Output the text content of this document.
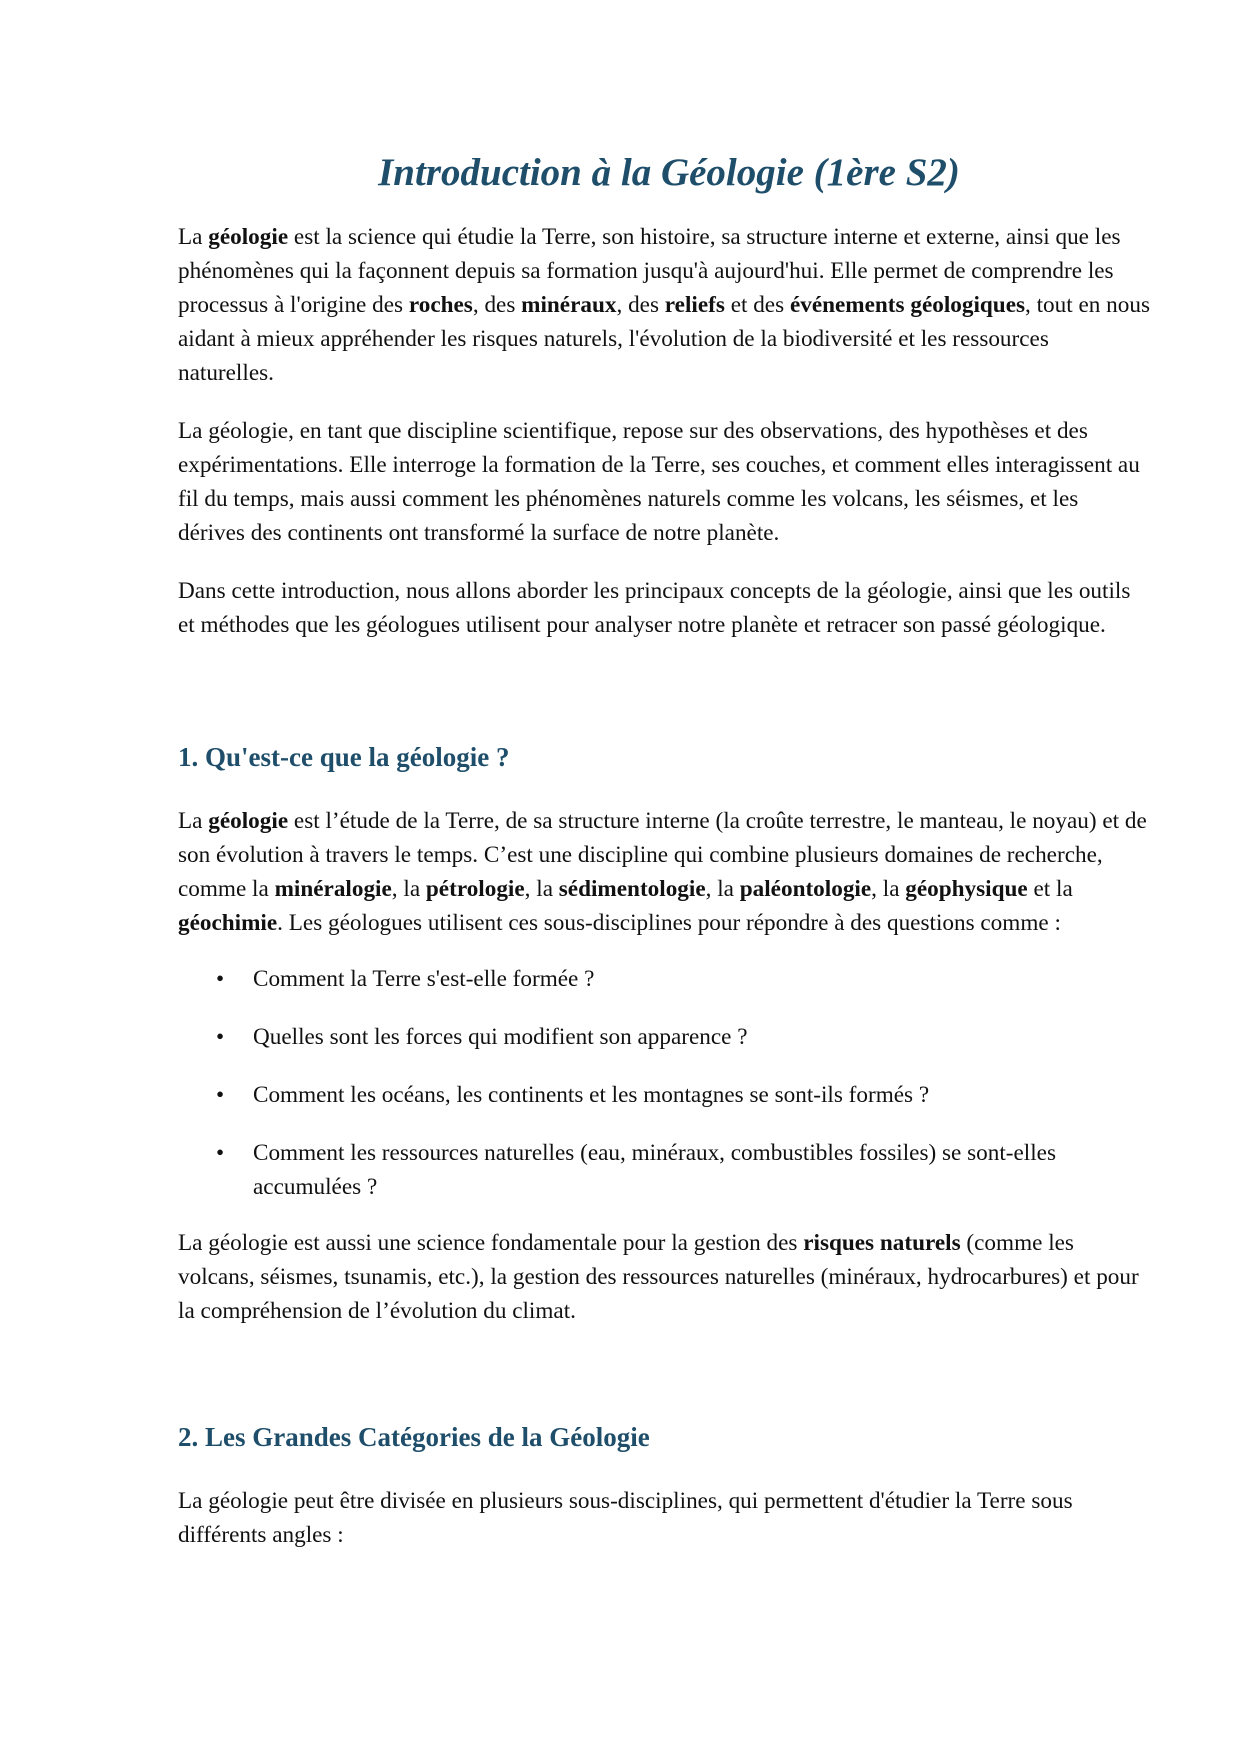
Introduction à la Géologie (1ère S2)

La géologie est la science qui étudie la Terre, son histoire, sa structure interne et externe, ainsi que les phénomènes qui la façonnent depuis sa formation jusqu'à aujourd'hui. Elle permet de comprendre les processus à l'origine des roches, des minéraux, des reliefs et des événements géologiques, tout en nous aidant à mieux appréhender les risques naturels, l'évolution de la biodiversité et les ressources naturelles.

La géologie, en tant que discipline scientifique, repose sur des observations, des hypothèses et des expérimentations. Elle interroge la formation de la Terre, ses couches, et comment elles interagissent au fil du temps, mais aussi comment les phénomènes naturels comme les volcans, les séismes, et les dérives des continents ont transformé la surface de notre planète.

Dans cette introduction, nous allons aborder les principaux concepts de la géologie, ainsi que les outils et méthodes que les géologues utilisent pour analyser notre planète et retracer son passé géologique.

1. Qu'est-ce que la géologie ?

La géologie est l’étude de la Terre, de sa structure interne (la croûte terrestre, le manteau, le noyau) et de son évolution à travers le temps. C’est une discipline qui combine plusieurs domaines de recherche, comme la minéralogie, la pétrologie, la sédimentologie, la paléontologie, la géophysique et la géochimie. Les géologues utilisent ces sous-disciplines pour répondre à des questions comme :

• Comment la Terre s'est-elle formée ?
• Quelles sont les forces qui modifient son apparence ?
• Comment les océans, les continents et les montagnes se sont-ils formés ?
• Comment les ressources naturelles (eau, minéraux, combustibles fossiles) se sont-elles accumulées ?

La géologie est aussi une science fondamentale pour la gestion des risques naturels (comme les volcans, séismes, tsunamis, etc.), la gestion des ressources naturelles (minéraux, hydrocarbures) et pour la compréhension de l’évolution du climat.

2. Les Grandes Catégories de la Géologie

La géologie peut être divisée en plusieurs sous-disciplines, qui permettent d'étudier la Terre sous différents angles :
